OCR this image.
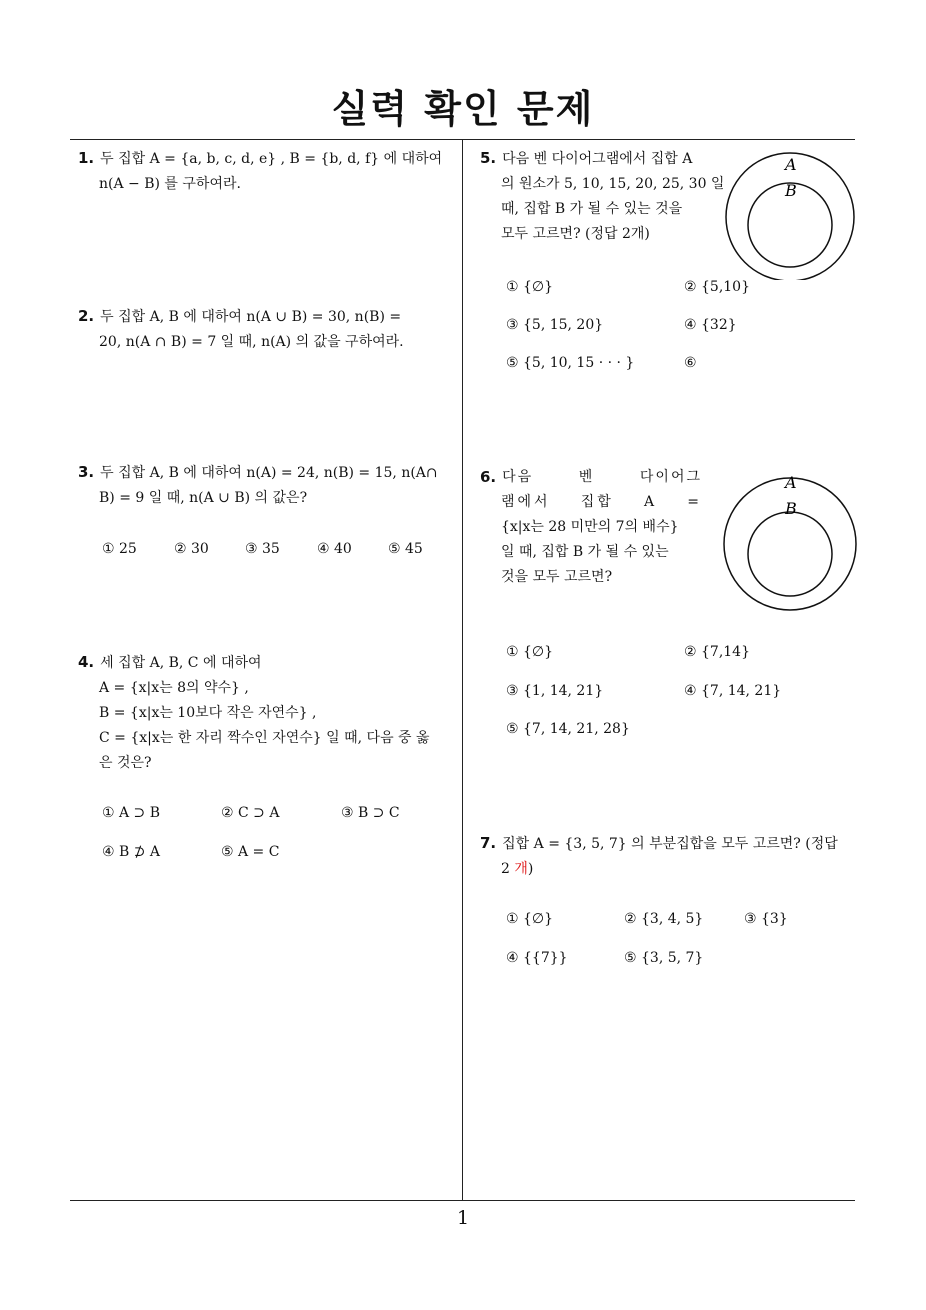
실력 확인 문제
1. 두 집합 A = {a, b, c, d, e} , B = {b, d, f} 에 대하여
n(A − B) 를 구하여라.
2. 두 집합 A, B 에 대하여 n(A ∪ B) = 30, n(B) =
20, n(A ∩ B) = 7 일 때, n(A) 의 값을 구하여라.
3. 두 집합 A, B 에 대하여 n(A) = 24, n(B) = 15, n(A∩
B) = 9 일 때, n(A ∪ B) 의 값은?
① 25	② 30	③ 35	④ 40	⑤ 45
4. 세 집합 A, B, C 에 대하여
A = {x|x는 8의 약수} ,
B = {x|x는 10보다 작은 자연수} ,
C = {x|x는 한 자리 짝수인 자연수} 일 때, 다음 중 옳
은 것은?
① A ⊃ B	② C ⊃ A	③ B ⊃ C
④ B ⊅ A	⑤ A = C
5. 다음 벤 다이어그램에서 집합 A
의 원소가 5, 10, 15, 20, 25, 30 일
때, 집합 B 가 될 수 있는 것을
모두 고르면? (정답 2개)
A
B
① {∅}	② {5,10}
③ {5, 15, 20}	④ {32}
⑤ {5, 10, 15 · · · }	⑥
6. 다음 벤 다이어그
램에서 집합 A =
{x|x는 28 미만의 7의 배수}
일 때, 집합 B 가 될 수 있는
것을 모두 고르면?
A
B
① {∅}	② {7,14}
③ {1, 14, 21}	④ {7, 14, 21}
⑤ {7, 14, 21, 28}
7. 집합 A = {3, 5, 7} 의 부분집합을 모두 고르면? (정답
2 개)
① {∅}	② {3, 4, 5}	③ {3}
④ {{7}}	⑤ {3, 5, 7}
1
